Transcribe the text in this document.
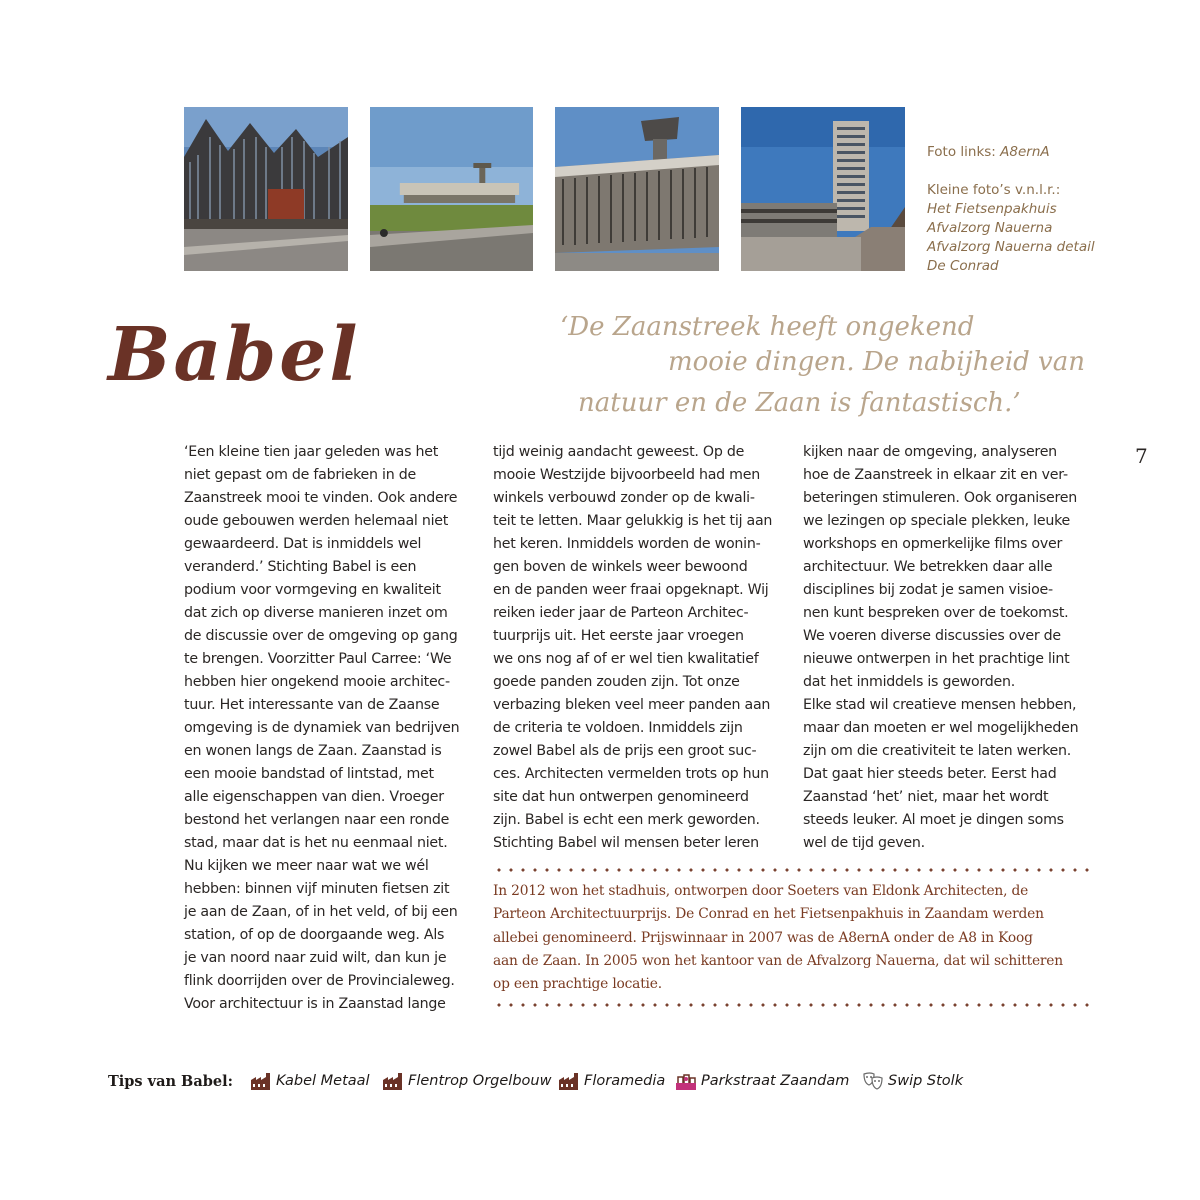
Foto links: A8ernA
Kleine foto’s v.n.l.r.:
Het Fietsenpakhuis
Afvalzorg Nauerna
Afvalzorg Nauerna detail
De Conrad
Babel	‘De Zaanstreek heeft ongekend
mooie dingen. De nabijheid van
natuur en de Zaan is fantastisch.’
7
‘Een kleine tien jaar geleden was het
niet gepast om de fabrieken in de
Zaanstreek mooi te vinden. Ook andere
oude gebouwen werden helemaal niet
gewaardeerd. Dat is inmiddels wel
veranderd.’ Stichting Babel is een
podium voor vormgeving en kwaliteit
dat zich op diverse manieren inzet om
de discussie over de omgeving op gang
te brengen. Voorzitter Paul Carree: ‘We
hebben hier ongekend mooie architec-
tuur. Het interessante van de Zaanse
omgeving is de dynamiek van bedrijven
en wonen langs de Zaan. Zaanstad is
een mooie bandstad of lintstad, met
alle eigenschappen van dien. Vroeger
bestond het verlangen naar een ronde
stad, maar dat is het nu eenmaal niet.
Nu kijken we meer naar wat we wél
hebben: binnen vijf minuten fietsen zit
je aan de Zaan, of in het veld, of bij een
station, of op de doorgaande weg. Als
je van noord naar zuid wilt, dan kun je
flink doorrijden over de Provincialeweg.
Voor architectuur is in Zaanstad lange
tijd weinig aandacht geweest. Op de
mooie Westzijde bijvoorbeeld had men
winkels verbouwd zonder op de kwali-
teit te letten. Maar gelukkig is het tij aan
het keren. Inmiddels worden de wonin-
gen boven de winkels weer bewoond
en de panden weer fraai opgeknapt. Wij
reiken ieder jaar de Parteon Architec-
tuurprijs uit. Het eerste jaar vroegen
we ons nog af of er wel tien kwalitatief
goede panden zouden zijn. Tot onze
verbazing bleken veel meer panden aan
de criteria te voldoen. Inmiddels zijn
zowel Babel als de prijs een groot suc-
ces. Architecten vermelden trots op hun
site dat hun ontwerpen genomineerd
zijn. Babel is echt een merk geworden.
Stichting Babel wil mensen beter leren
kijken naar de omgeving, analyseren
hoe de Zaanstreek in elkaar zit en ver-
beteringen stimuleren. Ook organiseren
we lezingen op speciale plekken, leuke
workshops en opmerkelijke films over
architectuur. We betrekken daar alle
disciplines bij zodat je samen visioe-
nen kunt bespreken over de toekomst.
We voeren diverse discussies over de
nieuwe ontwerpen in het prachtige lint
dat het inmiddels is geworden.
Elke stad wil creatieve mensen hebben,
maar dan moeten er wel mogelijkheden
zijn om die creativiteit te laten werken.
Dat gaat hier steeds beter. Eerst had
Zaanstad ‘het’ niet, maar het wordt
steeds leuker. Al moet je dingen soms
wel de tijd geven.
In 2012 won het stadhuis, ontworpen door Soeters van Eldonk Architecten, de
Parteon Architectuurprijs. De Conrad en het Fietsenpakhuis in Zaandam werden
allebei genomineerd. Prijswinnaar in 2007 was de A8ernA onder de A8 in Koog
aan de Zaan. In 2005 won het kantoor van de Afvalzorg Nauerna, dat wil schitteren
op een prachtige locatie.
Tips van Babel:	Kabel Metaal	Flentrop Orgelbouw Floramedia Parkstraat Zaandam	Swip Stolk
